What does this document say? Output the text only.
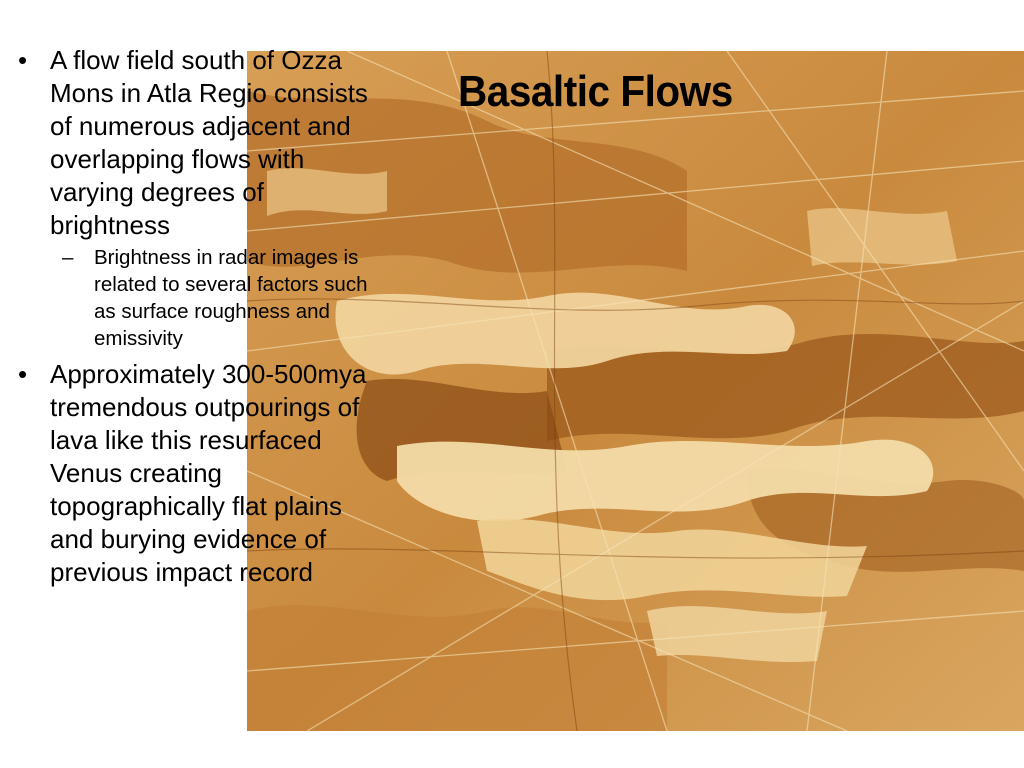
Basaltic Flows

• A flow field south of Ozza Mons in Atla Regio consists of numerous adjacent and overlapping flows with varying degrees of brightness

– Brightness in radar images is related to several factors such as surface roughness and emissivity

• Approximately 300-500mya tremendous outpourings of lava like this resurfaced Venus creating topographically flat plains and burying evidence of previous impact record
